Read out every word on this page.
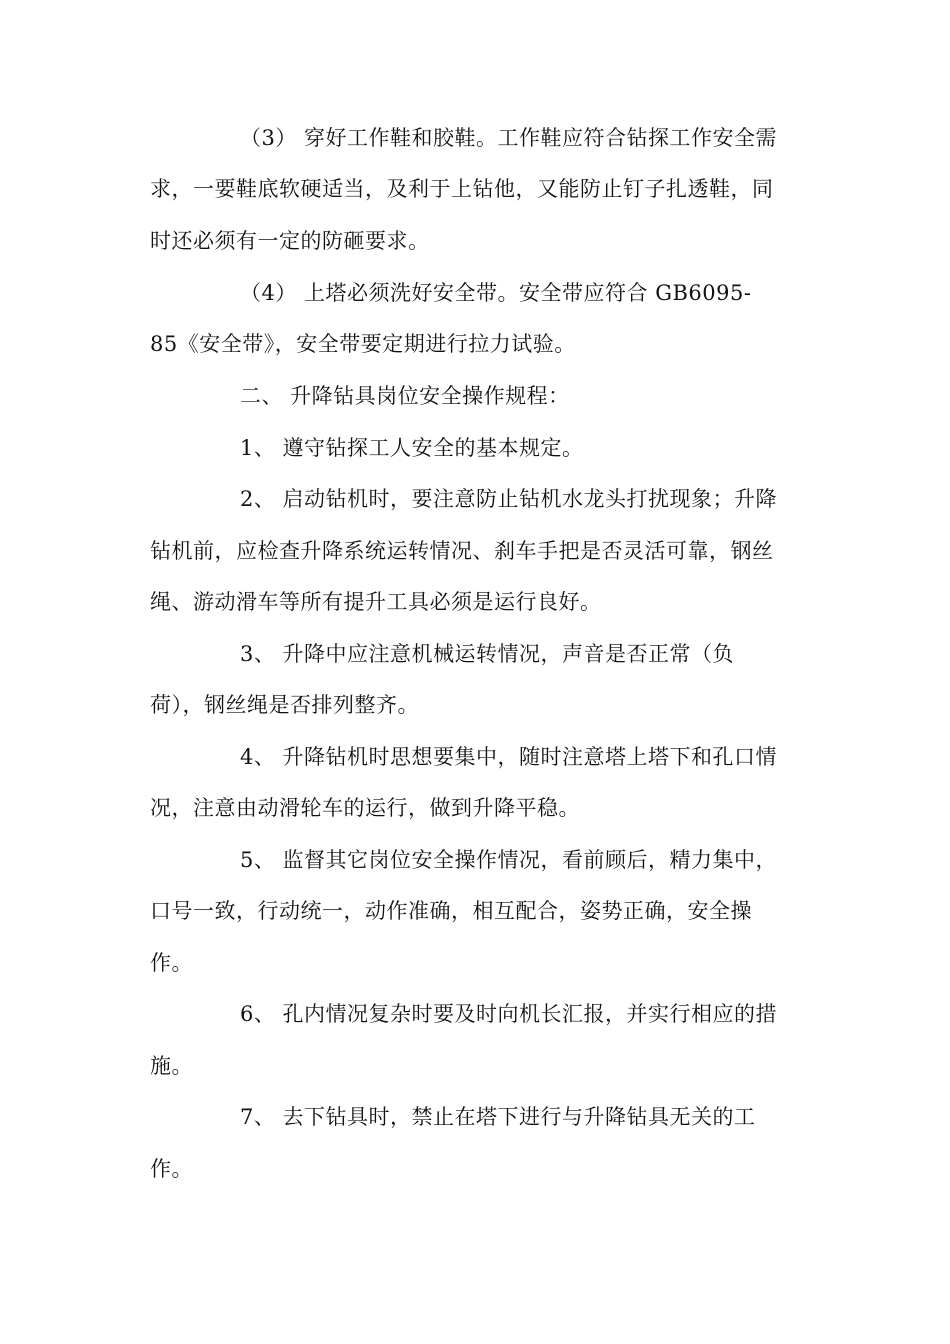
（3） 穿好工作鞋和胶鞋。工作鞋应符合钻探工作安全需
求，一要鞋底软硬适当，及利于上钻他，又能防止钉子扎透鞋，同
时还必须有一定的防砸要求。
（4） 上塔必须洗好安全带。安全带应符合 GB6095-
85《安全带》，安全带要定期进行拉力试验。
二、 升降钻具岗位安全操作规程：
1、 遵守钻探工人安全的基本规定。
2、 启动钻机时，要注意防止钻机水龙头打扰现象；升降
钻机前，应检查升降系统运转情况、刹车手把是否灵活可靠，钢丝
绳、游动滑车等所有提升工具必须是运行良好。
3、 升降中应注意机械运转情况，声音是否正常（负
荷），钢丝绳是否排列整齐。
4、 升降钻机时思想要集中，随时注意塔上塔下和孔口情
况，注意由动滑轮车的运行，做到升降平稳。
5、 监督其它岗位安全操作情况，看前顾后，精力集中，
口号一致，行动统一，动作准确，相互配合，姿势正确，安全操
作。
6、 孔内情况复杂时要及时向机长汇报，并实行相应的措
施。
7、 去下钻具时，禁止在塔下进行与升降钻具无关的工
作。
